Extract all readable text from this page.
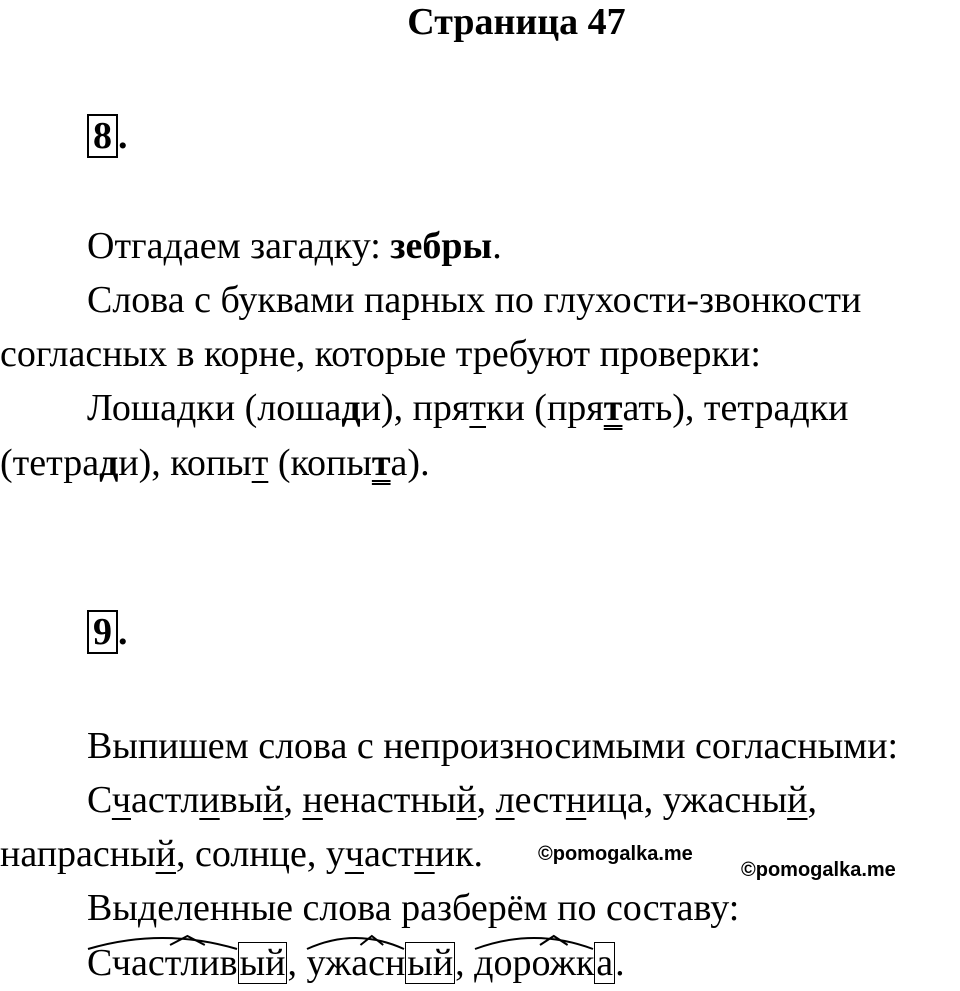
Страница 47
8 .
Отгадаем загадку: зебры.
Слова с буквами парных по глухости-звонкости
согласных в корне, которые требуют проверки:
Лошадки (лошади), прятки (прятать), тетрадки
(тетради), копыт (копыта).
9 .
Выпишем слова с непроизносимыми согласными:
Счастливый, ненастный, лестница, ужасный,
напрасный, солнце, участник.	©pomogalka.me
©pomogalka.me
Выделенные слова разберём по составу:
Счастливый
, ужасный
, дорожка
.
